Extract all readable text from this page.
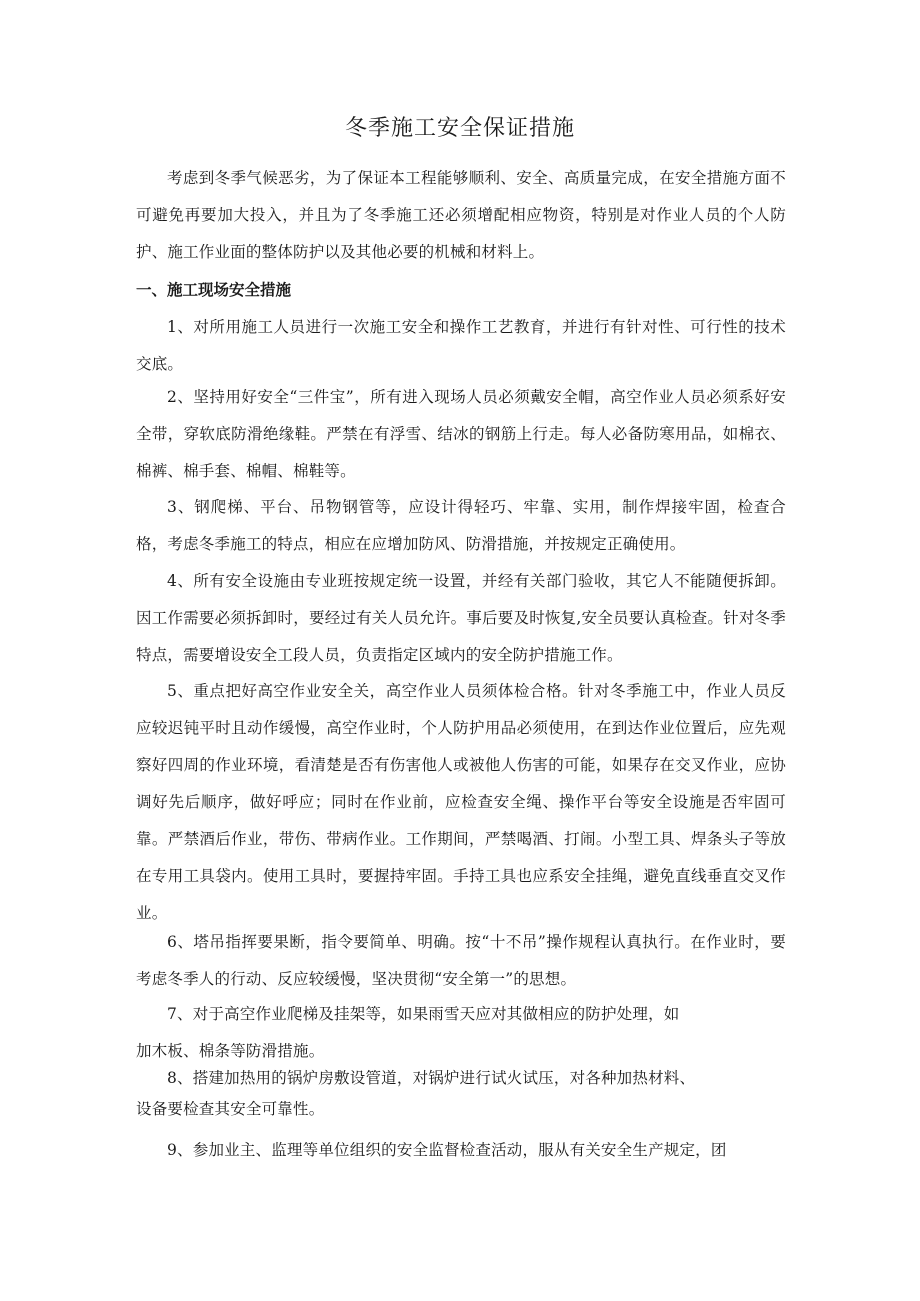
冬季施工安全保证措施

考虑到冬季气候恶劣，为了保证本工程能够顺利、安全、高质量完成，在安全措施方面不可避免再要加大投入，并且为了冬季施工还必须增配相应物资，特别是对作业人员的个人防护、施工作业面的整体防护以及其他必要的机械和材料上。

一、施工现场安全措施

1、对所用施工人员进行一次施工安全和操作工艺教育，并进行有针对性、可行性的技术交底。

2、坚持用好安全“三件宝”，所有进入现场人员必须戴安全帽，高空作业人员必须系好安全带，穿软底防滑绝缘鞋。严禁在有浮雪、结冰的钢筋上行走。每人必备防寒用品，如棉衣、棉裤、棉手套、棉帽、棉鞋等。

3、钢爬梯、平台、吊物钢管等，应设计得轻巧、牢靠、实用，制作焊接牢固，检查合格，考虑冬季施工的特点，相应在应增加防风、防滑措施，并按规定正确使用。

4、所有安全设施由专业班按规定统一设置，并经有关部门验收，其它人不能随便拆卸。因工作需要必须拆卸时，要经过有关人员允许。事后要及时恢复,安全员要认真检查。针对冬季特点，需要增设安全工段人员，负责指定区域内的安全防护措施工作。

5、重点把好高空作业安全关，高空作业人员须体检合格。针对冬季施工中，作业人员反应较迟钝平时且动作缓慢，高空作业时，个人防护用品必须使用，在到达作业位置后，应先观察好四周的作业环境，看清楚是否有伤害他人或被他人伤害的可能，如果存在交叉作业，应协调好先后顺序，做好呼应；同时在作业前，应检查安全绳、操作平台等安全设施是否牢固可靠。严禁酒后作业，带伤、带病作业。工作期间，严禁喝酒、打闹。小型工具、焊条头子等放在专用工具袋内。使用工具时，要握持牢固。手持工具也应系安全挂绳，避免直线垂直交叉作业。

6、塔吊指挥要果断，指令要简单、明确。按“十不吊”操作规程认真执行。在作业时，要考虑冬季人的行动、反应较缓慢，坚决贯彻“安全第一”的思想。

7、对于高空作业爬梯及挂架等，如果雨雪天应对其做相应的防护处理，如

加木板、棉条等防滑措施。

8、搭建加热用的锅炉房敷设管道，对锅炉进行试火试压，对各种加热材料、

设备要检查其安全可靠性。

9、参加业主、监理等单位组织的安全监督检查活动，服从有关安全生产规定，团
